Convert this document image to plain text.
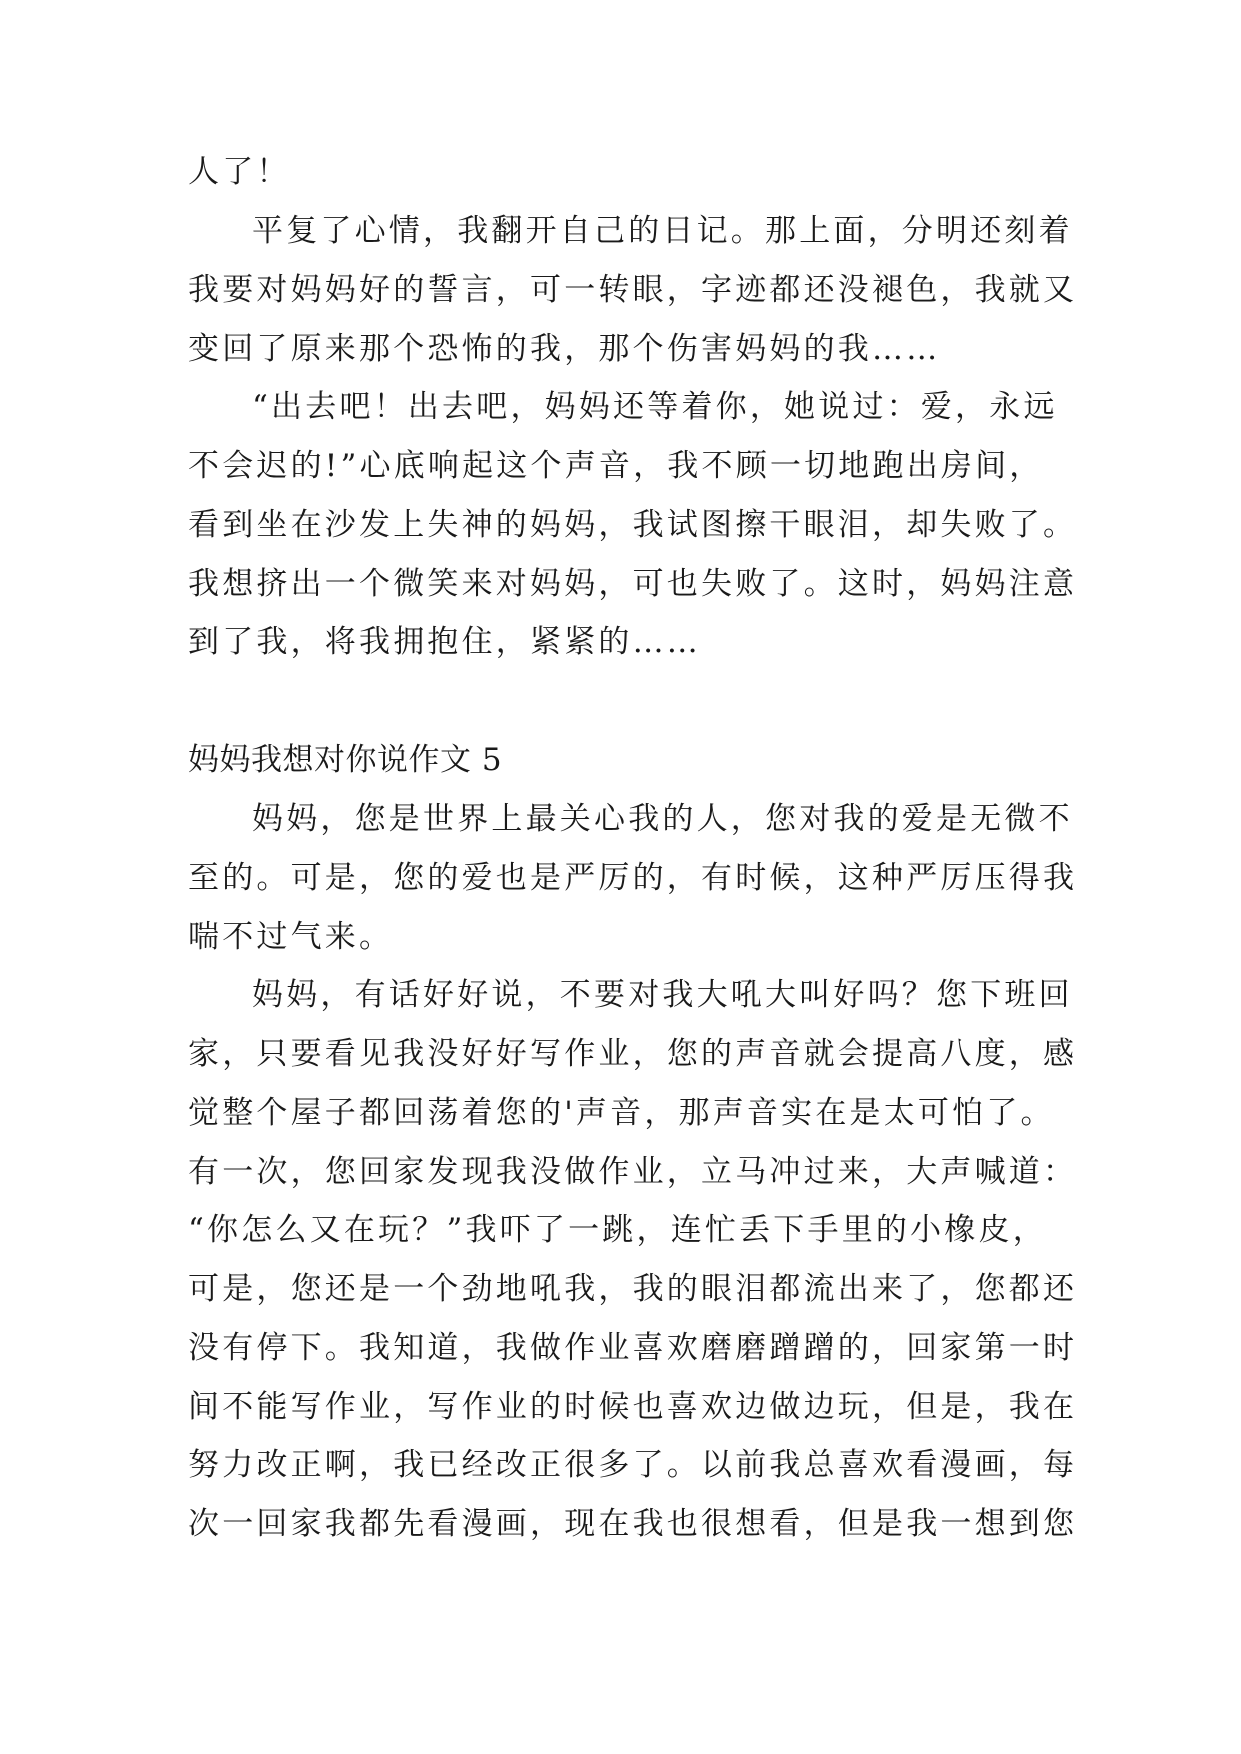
人了！
平复了心情，我翻开自己的日记。那上面，分明还刻着
我要对妈妈好的誓言，可一转眼，字迹都还没褪色，我就又
变回了原来那个恐怖的我，那个伤害妈妈的我……
“出去吧！出去吧，妈妈还等着你，她说过：爱，永远
不会迟的!”心底响起这个声音，我不顾一切地跑出房间，
看到坐在沙发上失神的妈妈，我试图擦干眼泪，却失败了。
我想挤出一个微笑来对妈妈，可也失败了。这时，妈妈注意
到了我，将我拥抱住，紧紧的……
妈妈我想对你说作文 5
妈妈，您是世界上最关心我的人，您对我的爱是无微不
至的。可是，您的爱也是严厉的，有时候，这种严厉压得我
喘不过气来。
妈妈，有话好好说，不要对我大吼大叫好吗？您下班回
家，只要看见我没好好写作业，您的声音就会提高八度，感
觉整个屋子都回荡着您的'声音，那声音实在是太可怕了。
有一次，您回家发现我没做作业，立马冲过来，大声喊道：
“你怎么又在玩？”我吓了一跳，连忙丢下手里的小橡皮，
可是，您还是一个劲地吼我，我的眼泪都流出来了，您都还
没有停下。我知道，我做作业喜欢磨磨蹭蹭的，回家第一时
间不能写作业，写作业的时候也喜欢边做边玩，但是，我在
努力改正啊，我已经改正很多了。以前我总喜欢看漫画，每
次一回家我都先看漫画，现在我也很想看，但是我一想到您
